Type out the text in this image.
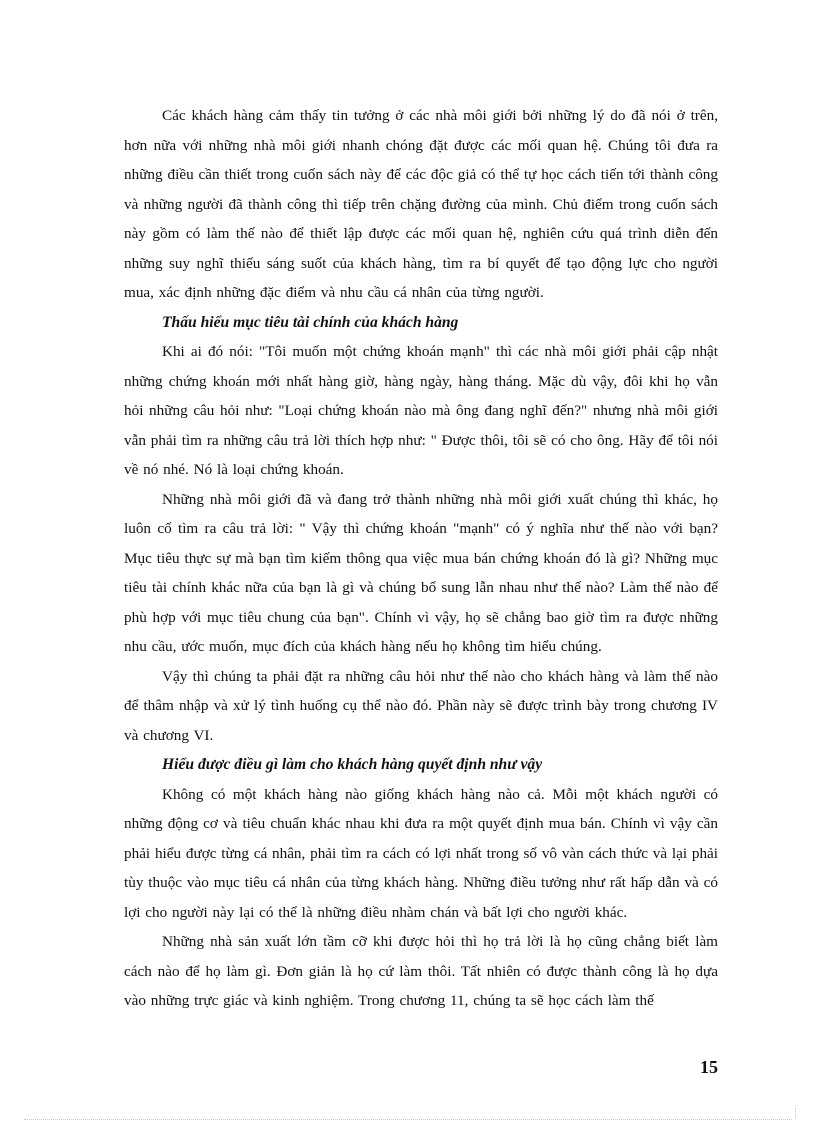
Các khách hàng cảm thấy tin tưởng ở các nhà môi giới bởi những lý do đã nói ở trên, hơn nữa với những nhà môi giới nhanh chóng đặt được các mối quan hệ. Chúng tôi đưa ra những điều cần thiết trong cuốn sách này để các độc giả có thể tự học cách tiến tới thành công và những người đã thành công thì tiếp trên chặng đường của mình. Chủ điểm trong cuốn sách này gồm có làm thế nào để thiết lập được các mối quan hệ, nghiên cứu quá trình diễn đến những suy nghĩ thiếu sáng suốt của khách hàng, tìm ra bí quyết để tạo động lực cho người mua, xác định những đặc điểm và nhu cầu cá nhân của từng người.

Thấu hiểu mục tiêu tài chính của khách hàng

Khi ai đó nói: "Tôi muốn một chứng khoán mạnh" thì các nhà môi giới phải cập nhật những chứng khoán mới nhất hàng giờ, hàng ngày, hàng tháng. Mặc dù vậy, đôi khi họ vẫn hỏi những câu hỏi như: "Loại chứng khoán nào mà ông đang nghĩ đến?" nhưng nhà môi giới vẫn phải tìm ra những câu trả lời thích hợp như: " Được thôi, tôi sẽ có cho ông. Hãy để tôi nói về nó nhé. Nó là loại chứng khoán.

Những nhà môi giới đã và đang trở thành những nhà môi giới xuất chúng thì khác, họ luôn cố tìm ra câu trả lời: " Vậy thì chứng khoán "mạnh" có ý nghĩa như thế nào với bạn? Mục tiêu thực sự mà bạn tìm kiếm thông qua việc mua bán chứng khoán đó là gì? Những mục tiêu tài chính khác nữa của bạn là gì và chúng bổ sung lẫn nhau như thế nào? Làm thế nào để phù hợp với mục tiêu chung của bạn". Chính vì vậy, họ sẽ chẳng bao giờ tìm ra được những nhu cầu, ước muốn, mục đích của khách hàng nếu họ không tìm hiểu chúng.

Vậy thì chúng ta phải đặt ra những câu hỏi như thế nào cho khách hàng và làm thế nào để thâm nhập và xử lý tình huống cụ thể nào đó. Phần này sẽ được trình bày trong chương IV và chương VI.

Hiểu được điều gì làm cho khách hàng quyết định như vậy

Không có một khách hàng nào giống khách hàng nào cả. Mỗi một khách người có những động cơ và tiêu chuẩn khác nhau khi đưa ra một quyết định mua bán. Chính vì vậy cần phải hiểu được từng cá nhân, phải tìm ra cách có lợi nhất trong số vô vàn cách thức và lại phải tùy thuộc vào mục tiêu cá nhân của từng khách hàng. Những điều tưởng như rất hấp dẫn và có lợi cho người này lại có thể là những điều nhàm chán và bất lợi cho người khác.

Những nhà sản xuất lớn tầm cỡ khi được hỏi thì họ trả lời là họ cũng chẳng biết làm cách nào để họ làm gì. Đơn giản là họ cứ làm thôi. Tất nhiên có được thành công là họ dựa vào những trực giác và kinh nghiệm. Trong chương 11, chúng ta sẽ học cách làm thế

15
